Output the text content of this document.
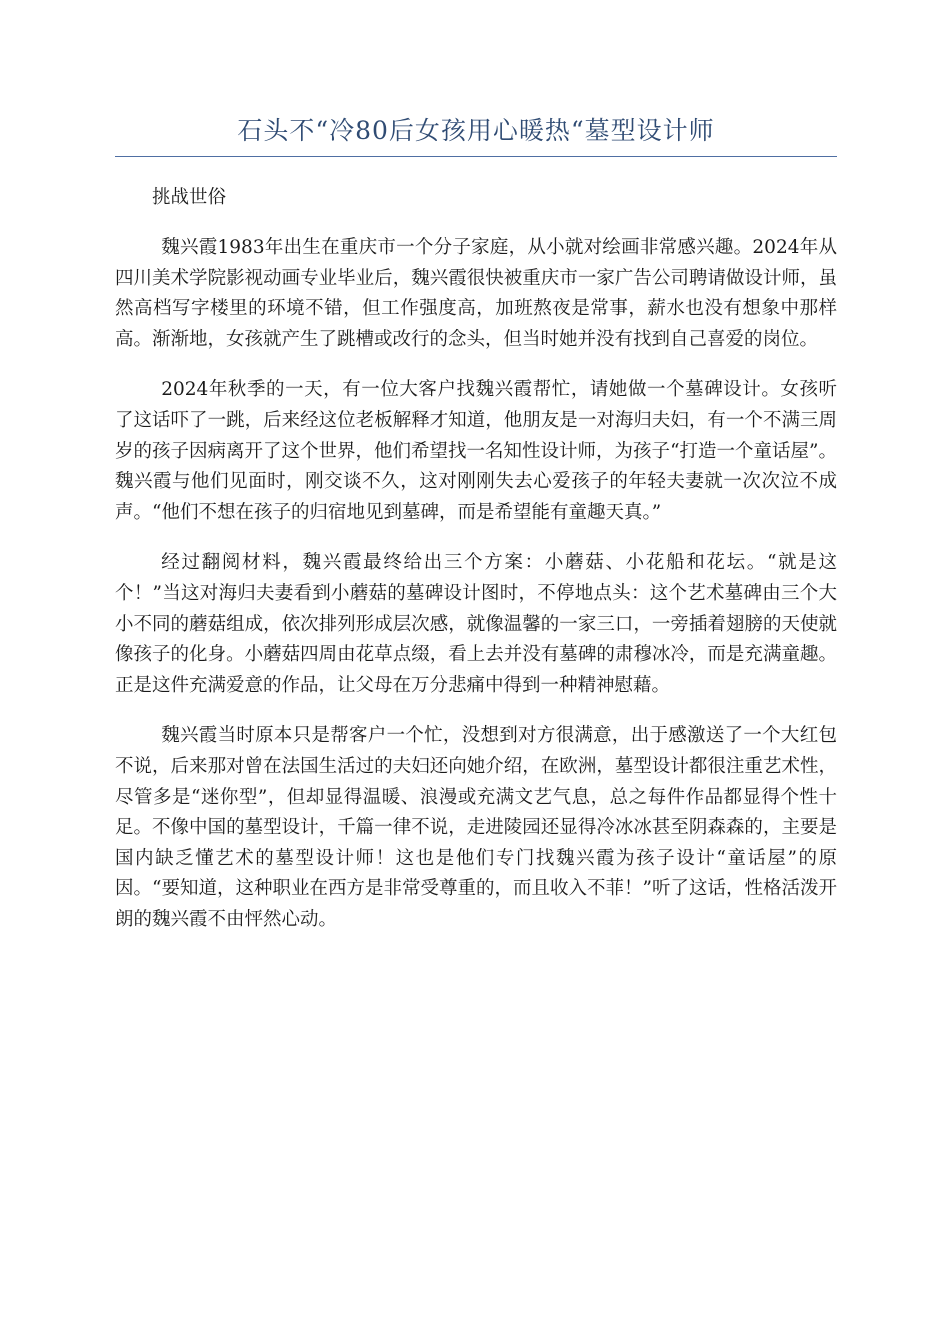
石头不“冷80后女孩用心暖热“墓型设计师

挑战世俗

魏兴霞1983年出生在重庆市一个分子家庭，从小就对绘画非常感兴趣。2024年从四川美术学院影视动画专业毕业后，魏兴霞很快被重庆市一家广告公司聘请做设计师，虽然高档写字楼里的环境不错，但工作强度高，加班熬夜是常事，薪水也没有想象中那样高。渐渐地，女孩就产生了跳槽或改行的念头，但当时她并没有找到自己喜爱的岗位。

2024年秋季的一天，有一位大客户找魏兴霞帮忙，请她做一个墓碑设计。女孩听了这话吓了一跳，后来经这位老板解释才知道，他朋友是一对海归夫妇，有一个不满三周岁的孩子因病离开了这个世界，他们希望找一名知性设计师，为孩子“打造一个童话屋”。魏兴霞与他们见面时，刚交谈不久，这对刚刚失去心爱孩子的年轻夫妻就一次次泣不成声。“他们不想在孩子的归宿地见到墓碑，而是希望能有童趣天真。”

经过翻阅材料，魏兴霞最终给出三个方案：小蘑菇、小花船和花坛。“就是这个！”当这对海归夫妻看到小蘑菇的墓碑设计图时，不停地点头：这个艺术墓碑由三个大小不同的蘑菇组成，依次排列形成层次感，就像温馨的一家三口，一旁插着翅膀的天使就像孩子的化身。小蘑菇四周由花草点缀，看上去并没有墓碑的肃穆冰冷，而是充满童趣。正是这件充满爱意的作品，让父母在万分悲痛中得到一种精神慰藉。

魏兴霞当时原本只是帮客户一个忙，没想到对方很满意，出于感激送了一个大红包不说，后来那对曾在法国生活过的夫妇还向她介绍，在欧洲，墓型设计都很注重艺术性，尽管多是“迷你型”，但却显得温暖、浪漫或充满文艺气息，总之每件作品都显得个性十足。不像中国的墓型设计，千篇一律不说，走进陵园还显得冷冰冰甚至阴森森的，主要是国内缺乏懂艺术的墓型设计师！这也是他们专门找魏兴霞为孩子设计“童话屋”的原因。“要知道，这种职业在西方是非常受尊重的，而且收入不菲！”听了这话，性格活泼开朗的魏兴霞不由怦然心动。
